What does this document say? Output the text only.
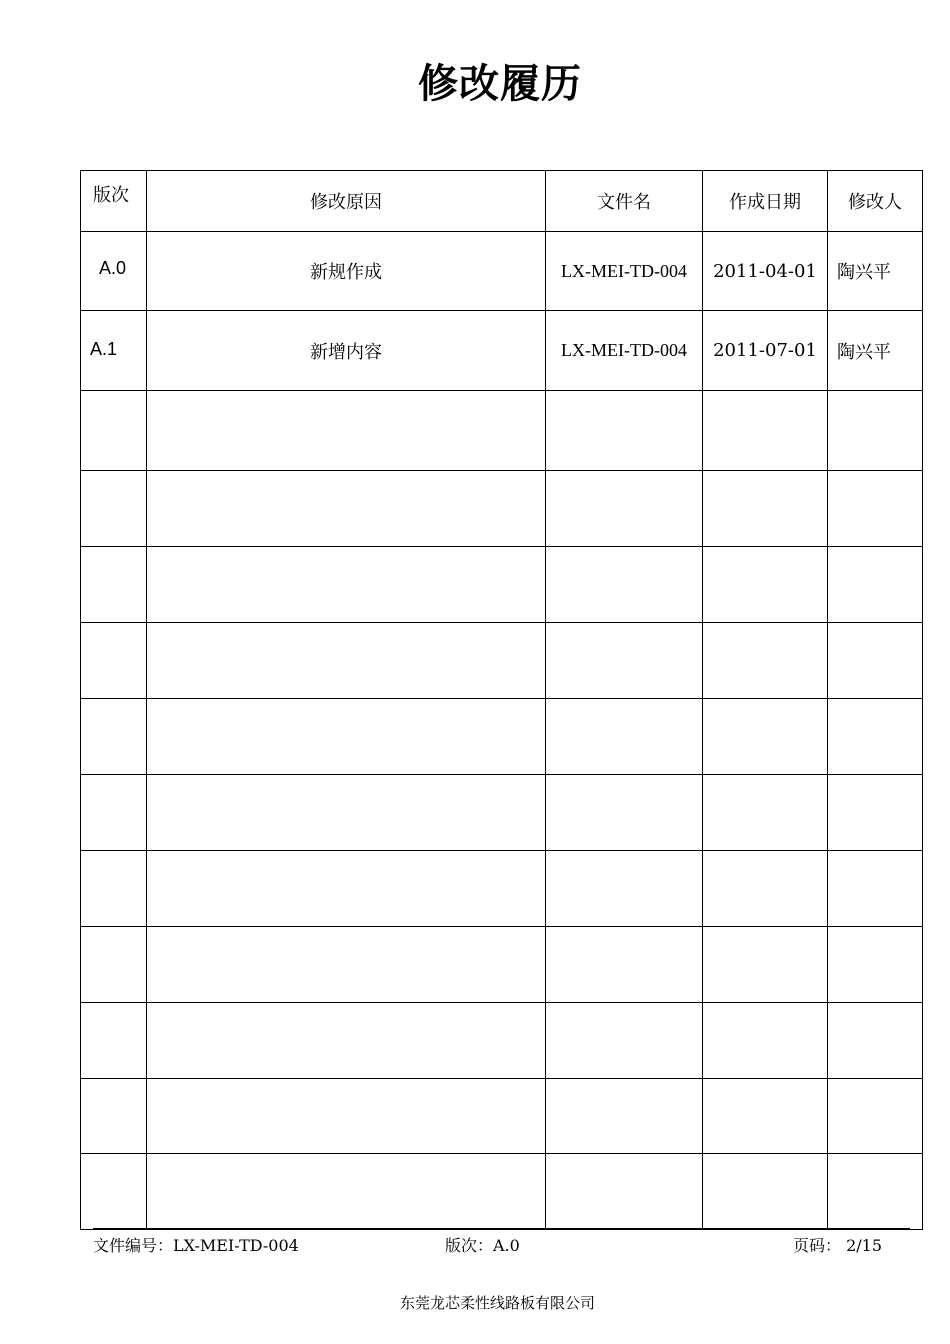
修改履历
版次	修改原因	文件名	作成日期	修改人
A.0	新规作成	LX-MEI-TD-004	2011-04-01	陶兴平
A.1	新增内容	LX-MEI-TD-004	2011-07-01	陶兴平

文件编号：LX-MEI-TD-004	版次：A.0	页码： 2/15
东莞龙芯柔性线路板有限公司
